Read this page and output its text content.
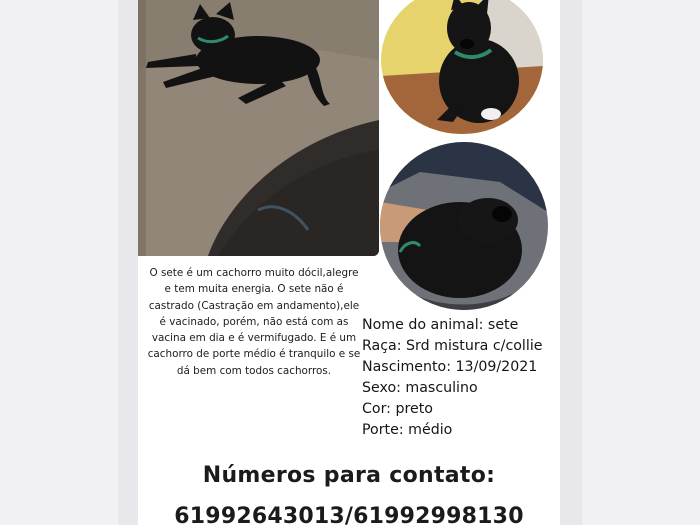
O sete é um cachorro muito dócil,alegre e tem muita energia. O sete não é castrado (Castração em andamento),ele é vacinado, porém, não está com as vacina em dia e é vermifugado. E é um cachorro de porte médio é tranquilo e se dá bem com todos cachorros.
Nome do animal: sete
Raça: Srd mistura c/collie
Nascimento: 13/09/2021
Sexo: masculino
Cor: preto
Porte: médio
Números para contato:
61992643013/61992998130
